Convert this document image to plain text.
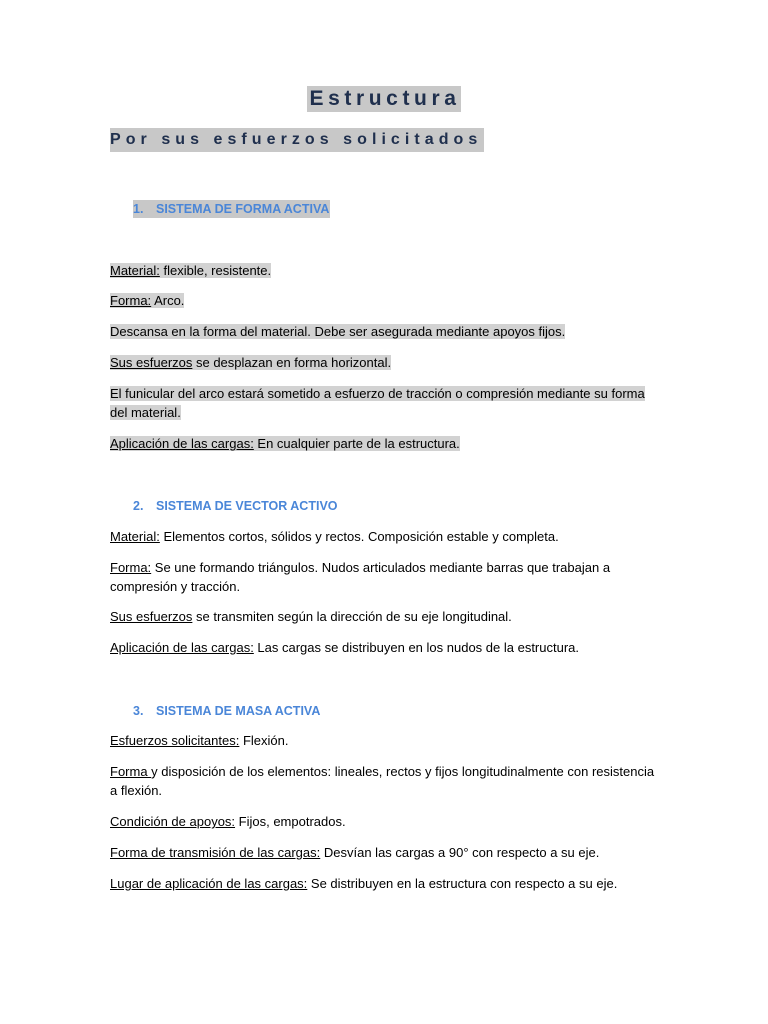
Estructura
Por sus esfuerzos solicitados
1. SISTEMA DE FORMA ACTIVA
Material: flexible, resistente.
Forma: Arco.
Descansa en la forma del material. Debe ser asegurada mediante apoyos fijos.
Sus esfuerzos se desplazan en forma horizontal.
El funicular del arco estará sometido a esfuerzo de tracción o compresión mediante su forma del material.
Aplicación de las cargas: En cualquier parte de la estructura.
2. SISTEMA DE VECTOR ACTIVO
Material: Elementos cortos, sólidos y rectos. Composición estable y completa.
Forma: Se une formando triángulos. Nudos articulados mediante barras que trabajan a compresión y tracción.
Sus esfuerzos se transmiten según la dirección de su eje longitudinal.
Aplicación de las cargas: Las cargas se distribuyen en los nudos de la estructura.
3. SISTEMA DE MASA ACTIVA
Esfuerzos solicitantes: Flexión.
Forma y disposición de los elementos: lineales, rectos y fijos longitudinalmente con resistencia a flexión.
Condición de apoyos: Fijos, empotrados.
Forma de transmisión de las cargas: Desvían las cargas a 90° con respecto a su eje.
Lugar de aplicación de las cargas: Se distribuyen en la estructura con respecto a su eje.
